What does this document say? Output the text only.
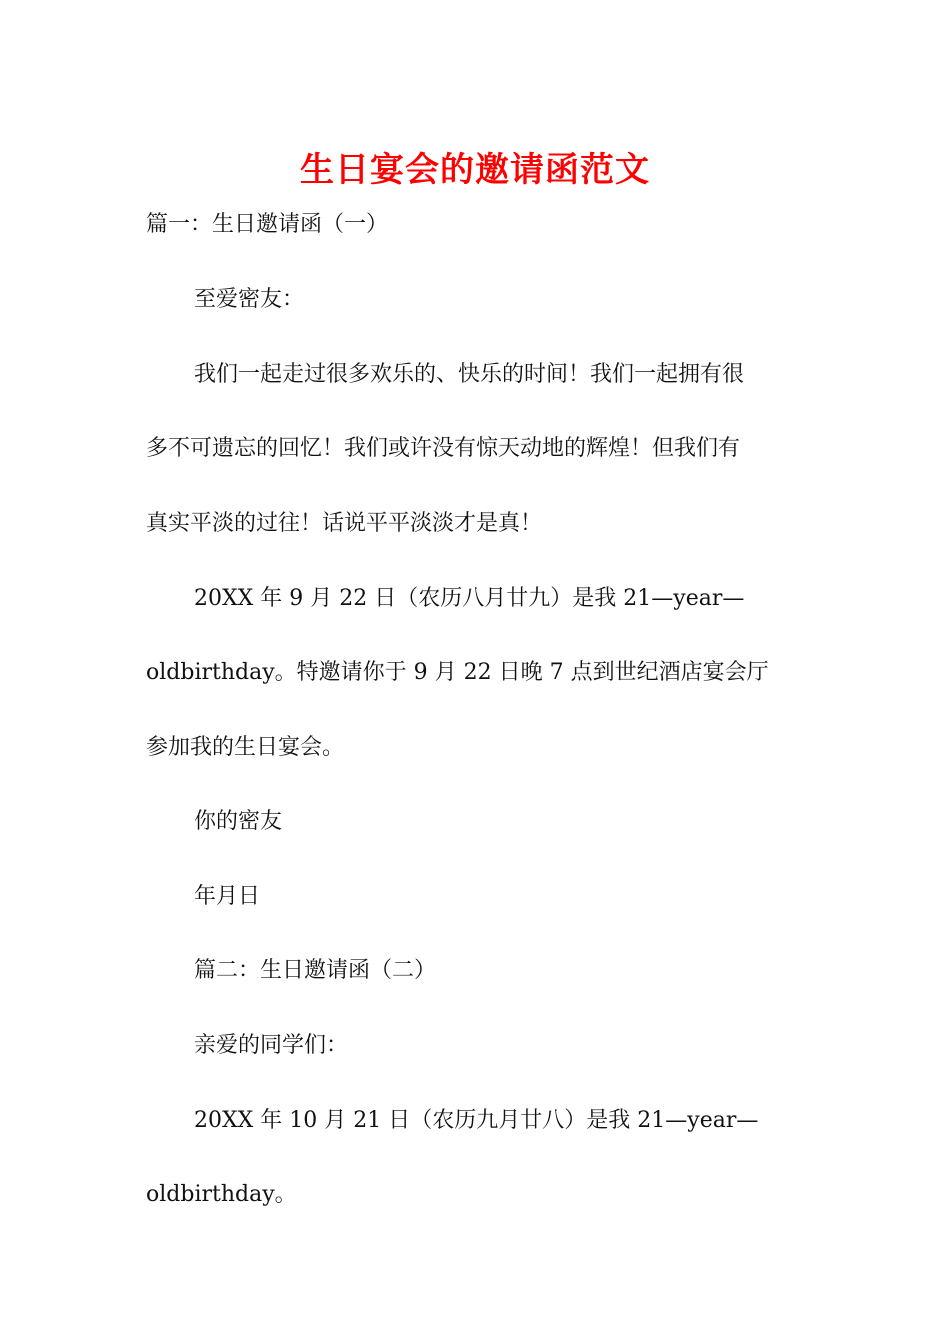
生日宴会的邀请函范文
篇一：生日邀请函（一）
至爱密友：
我们一起走过很多欢乐的、快乐的时间！我们一起拥有很
多不可遗忘的回忆！我们或许没有惊天动地的辉煌！但我们有
真实平淡的过往！话说平平淡淡才是真！
20XX 年 9 月 22 日（农历八月廿九）是我 21—year—
oldbirthday。特邀请你于 9 月 22 日晚 7 点到世纪酒店宴会厅
参加我的生日宴会。
你的密友
年月日
篇二：生日邀请函（二）
亲爱的同学们：
20XX 年 10 月 21 日（农历九月廿八）是我 21—year—
oldbirthday。
